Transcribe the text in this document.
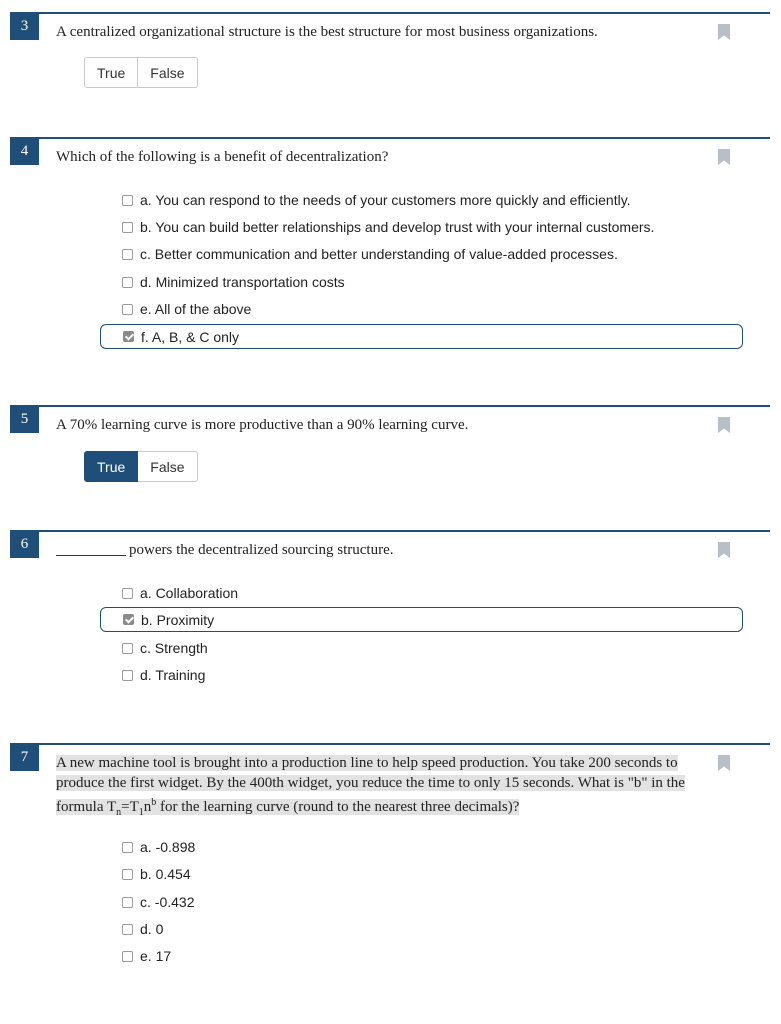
3	A centralized organizational structure is the best structure for most business organizations.
True	False
4	Which of the following is a benefit of decentralization?
a. You can respond to the needs of your customers more quickly and efficiently.
b. You can build better relationships and develop trust with your internal customers.
c. Better communication and better understanding of value-added processes.
d. Minimized transportation costs
e. All of the above
f. A, B, & C only
5	A 70% learning curve is more productive than a 90% learning curve.
True	False
6	powers the decentralized sourcing structure.
a. Collaboration
b. Proximity
c. Strength
d. Training
7	A new machine tool is brought into a production line to help speed production. You take 200 seconds to produce the first widget. By the 400th widget, you reduce the time to only 15 seconds. What is "b" in the formula $T_n=T_1n^b$ for the learning curve (round to the nearest three decimals)?
a. -0.898
b. 0.454
c. -0.432
d. 0
e. 17
